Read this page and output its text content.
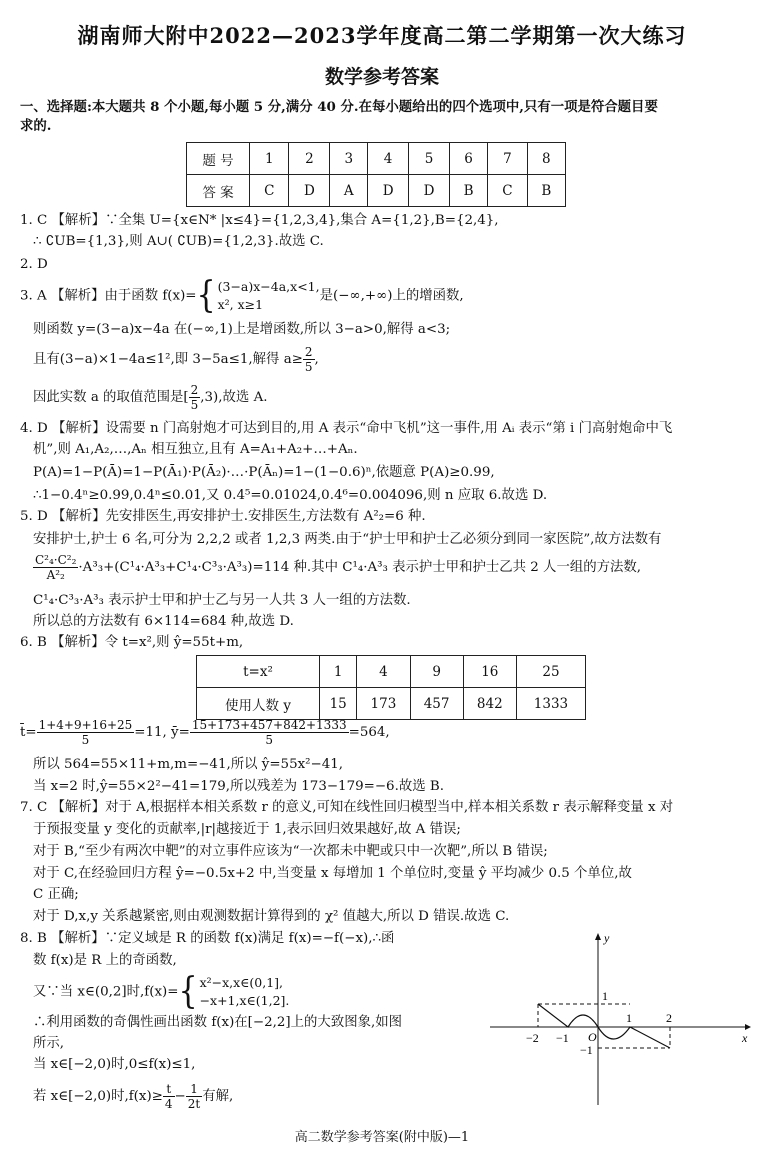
湖南师大附中2022—2023学年度高二第二学期第一次大练习
数学参考答案
一、选择题:本大题共 8 个小题,每小题 5 分,满分 40 分.在每小题给出的四个选项中,只有一项是符合题目要
求的.
题 号	1	2	3	4	5	6	7	8
答 案	C	D	A	D	D	B	C	B
1. C 【解析】∵全集 U={x∈N* |x≤4}={1,2,3,4},集合 A={1,2},B={2,4},
∴ ∁UB={1,3},则 A∪( ∁UB)={1,2,3}.故选 C.
2. D
3. A 【解析】由于函数 f(x)={ (3−a)x−4a,x<1,
x², x≥1
是(−∞,+∞)上的增函数,
则函数 y=(3−a)x−4a 在(−∞,1)上是增函数,所以 3−a>0,解得 a<3;
且有(3−a)×1−4a≤1²,即 3−5a≤1,解得 $a\ge \frac{2}{5}$ ,
因此实数 a 的取值范围是[ $\frac{2}{5} ,3$),故选 A.
4. D 【解析】设需要 n 门高射炮才可达到目的,用 A 表示“命中飞机”这一事件,用 Aᵢ 表示“第 i 门高射炮命中飞
机”,则 A₁,A₂,…,Aₙ 相互独立,且有 A=A₁+A₂+…+Aₙ.
P(A)=1−P(Ā)=1−P(Ā₁)·P(Ā₂)·…·P(Āₙ)=1−(1−0.6)ⁿ,依题意 P(A)≥0.99,
∴1−0.4ⁿ≥0.99,0.4ⁿ≤0.01,又 0.4⁵=0.01024,0.4⁶=0.004096,则 n 应取 6.故选 D.
5. D 【解析】先安排医生,再安排护士.安排医生,方法数有 A²₂=6 种.
安排护士,护士 6 名,可分为 2,2,2 或者 1,2,3 两类.由于“护士甲和护士乙必须分到同一家医院”,故方法数有
$\frac{\text{C²₄·C²₂}}{\text{A²₂}} \cdot A^3_3+(C^1_4\cdot A^3_3+C^1_4\cdot C^3_3\cdot A^3_3)=114$ 种.其中 C¹₄·A³₃ 表示护士甲和护士乙共 2 人一组的方法数,
C¹₄·C³₃·A³₃ 表示护士甲和护士乙与另一人共 3 人一组的方法数.
所以总的方法数有 6×114=684 种,故选 D.
6. B 【解析】令 t=x²,则 ŷ=55t+m,
t=x²	1	4	9	16	25
使用人数 y	15	173	457	842	1333
t̄= $\frac{1+4+9+16+25}{5} =11$, ȳ= $\frac{15+173+457+842+1333}{5} =564$,
所以 564=55×11+m,m=−41,所以 ŷ=55x²−41,
当 x=2 时,ŷ=55×2²−41=179,所以残差为 173−179=−6.故选 B.
7. C 【解析】对于 A,根据样本相关系数 r 的意义,可知在线性回归模型当中,样本相关系数 r 表示解释变量 x 对
于预报变量 y 变化的贡献率,|r|越接近于 1,表示回归效果越好,故 A 错误;
对于 B,“至少有两次中靶”的对立事件应该为“一次都未中靶或只中一次靶”,所以 B 错误;
对于 C,在经验回归方程 ŷ=−0.5x+2 中,当变量 x 每增加 1 个单位时,变量 ŷ 平均减少 0.5 个单位,故
C 正确;
对于 D,x,y 关系越紧密,则由观测数据计算得到的 χ² 值越大,所以 D 错误.故选 C.
8. B 【解析】∵定义域是 R 的函数 f(x)满足 f(x)=−f(−x),∴函
数 f(x)是 R 上的奇函数,
又∵当 x∈(0,2]时,f(x)={ x²−x,x∈(0,1],
−x+1,x∈(1,2].
∴利用函数的奇偶性画出函数 f(x)在[−2,2]上的大致图象,如图
所示,
当 x∈[−2,0)时,0≤f(x)≤1,
若 x∈[−2,0)时$,f(x)\ge \frac{t}{4} - \frac{1}{2t}$ 有解,
y
x
O
−2 −1
1	2
1
−1
高二数学参考答案(附中版)—1
